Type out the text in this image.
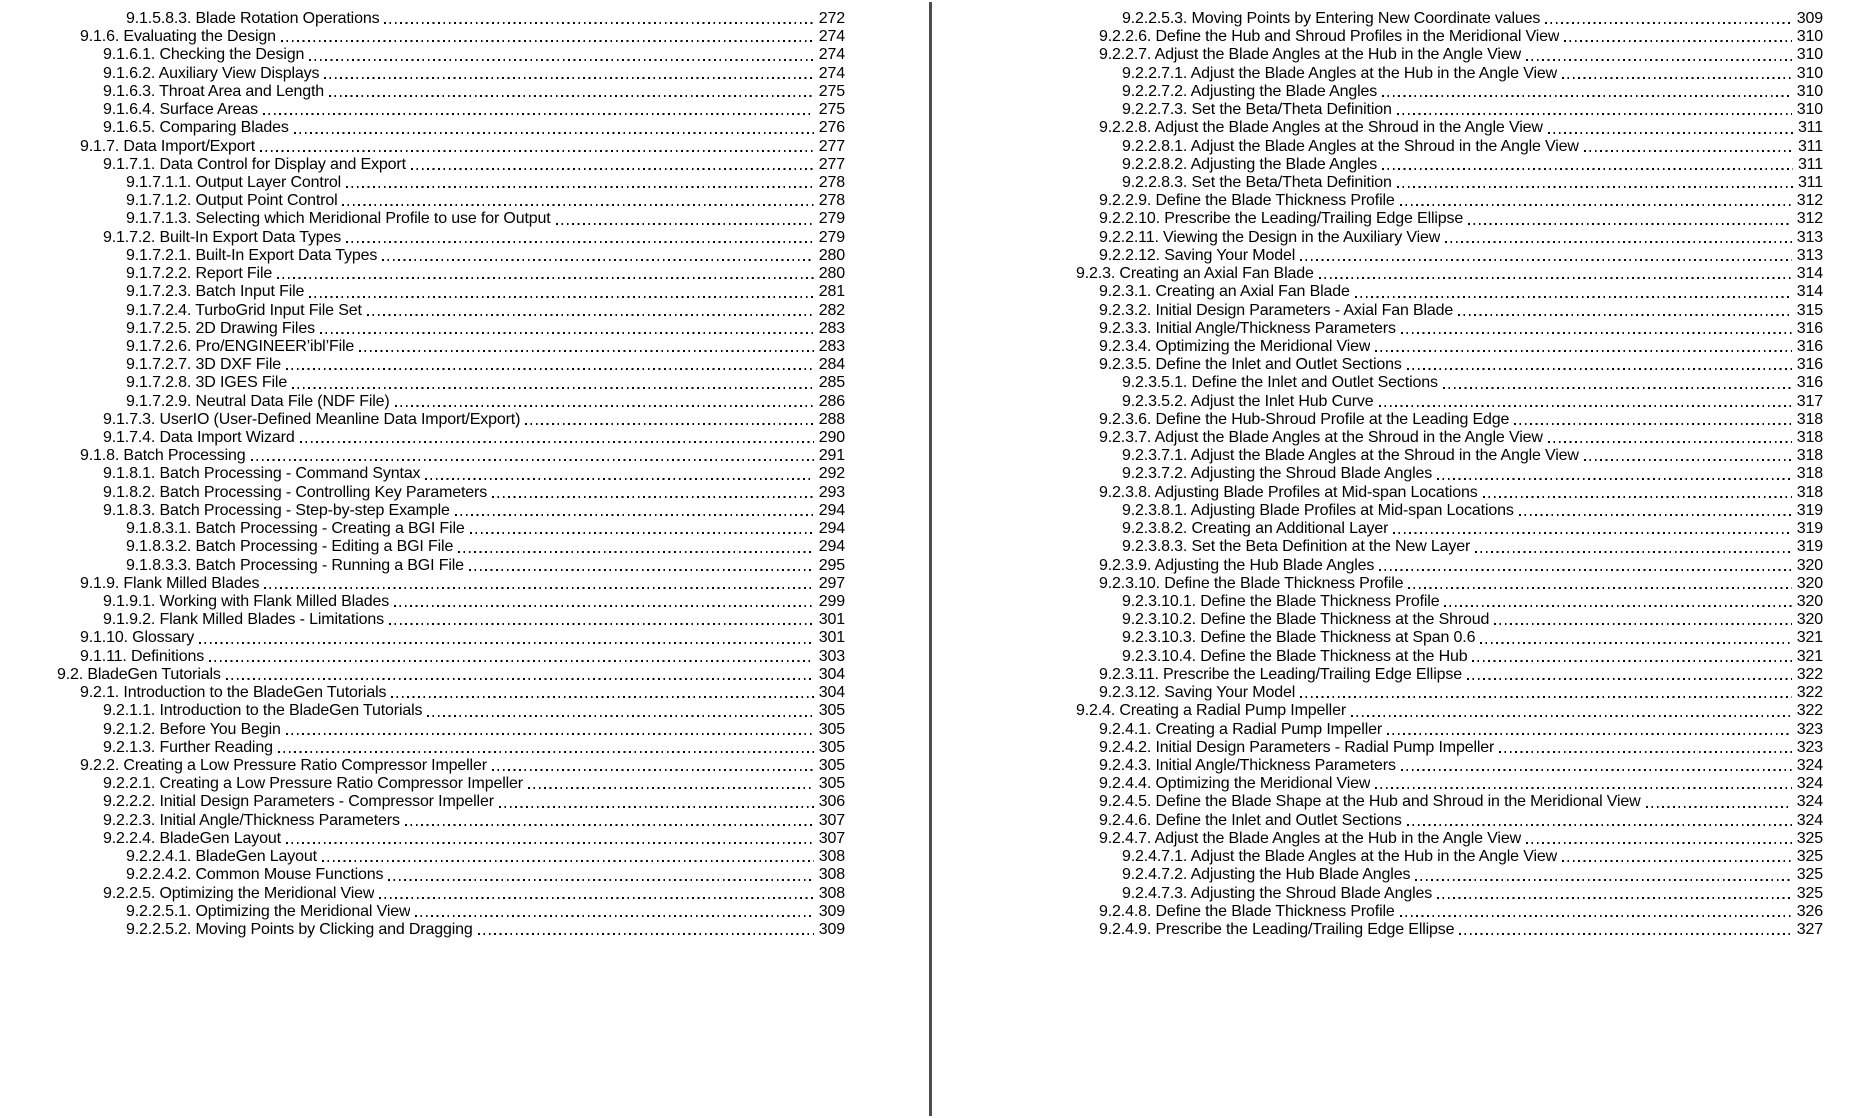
9.1.5.8.3. Blade Rotation Operations	272
9.1.6. Evaluating the Design	274
9.1.6.1. Checking the Design	274
9.1.6.2. Auxiliary View Displays	274
9.1.6.3. Throat Area and Length	275
9.1.6.4. Surface Areas	275
9.1.6.5. Comparing Blades	276
9.1.7. Data Import/Export	277
9.1.7.1. Data Control for Display and Export	277
9.1.7.1.1. Output Layer Control	278
9.1.7.1.2. Output Point Control	278
9.1.7.1.3. Selecting which Meridional Profile to use for Output	279
9.1.7.2. Built-In Export Data Types	279
9.1.7.2.1. Built-In Export Data Types	280
9.1.7.2.2. Report File	280
9.1.7.2.3. Batch Input File	281
9.1.7.2.4. TurboGrid Input File Set	282
9.1.7.2.5. 2D Drawing Files	283
9.1.7.2.6. Pro/ENGINEER’ibl’File	283
9.1.7.2.7. 3D DXF File	284
9.1.7.2.8. 3D IGES File	285
9.1.7.2.9. Neutral Data File (NDF File)	286
9.1.7.3. UserIO (User-Defined Meanline Data Import/Export)	288
9.1.7.4. Data Import Wizard	290
9.1.8. Batch Processing	291
9.1.8.1. Batch Processing - Command Syntax	292
9.1.8.2. Batch Processing - Controlling Key Parameters	293
9.1.8.3. Batch Processing - Step-by-step Example	294
9.1.8.3.1. Batch Processing - Creating a BGI File	294
9.1.8.3.2. Batch Processing - Editing a BGI File	294
9.1.8.3.3. Batch Processing - Running a BGI File	295
9.1.9. Flank Milled Blades	297
9.1.9.1. Working with Flank Milled Blades	299
9.1.9.2. Flank Milled Blades - Limitations	301
9.1.10. Glossary	301
9.1.11. Definitions	303
9.2. BladeGen Tutorials	304
9.2.1. Introduction to the BladeGen Tutorials	304
9.2.1.1. Introduction to the BladeGen Tutorials	305
9.2.1.2. Before You Begin	305
9.2.1.3. Further Reading	305
9.2.2. Creating a Low Pressure Ratio Compressor Impeller	305
9.2.2.1. Creating a Low Pressure Ratio Compressor Impeller	305
9.2.2.2. Initial Design Parameters - Compressor Impeller	306
9.2.2.3. Initial Angle/Thickness Parameters	307
9.2.2.4. BladeGen Layout	307
9.2.2.4.1. BladeGen Layout	308
9.2.2.4.2. Common Mouse Functions	308
9.2.2.5. Optimizing the Meridional View	308
9.2.2.5.1. Optimizing the Meridional View	309
9.2.2.5.2. Moving Points by Clicking and Dragging	309
9.2.2.5.3. Moving Points by Entering New Coordinate values	309
9.2.2.6. Define the Hub and Shroud Profiles in the Meridional View	310
9.2.2.7. Adjust the Blade Angles at the Hub in the Angle View	310
9.2.2.7.1. Adjust the Blade Angles at the Hub in the Angle View	310
9.2.2.7.2. Adjusting the Blade Angles	310
9.2.2.7.3. Set the Beta/Theta Definition	310
9.2.2.8. Adjust the Blade Angles at the Shroud in the Angle View	311
9.2.2.8.1. Adjust the Blade Angles at the Shroud in the Angle View	311
9.2.2.8.2. Adjusting the Blade Angles	311
9.2.2.8.3. Set the Beta/Theta Definition	311
9.2.2.9. Define the Blade Thickness Profile	312
9.2.2.10. Prescribe the Leading/Trailing Edge Ellipse	312
9.2.2.11. Viewing the Design in the Auxiliary View	313
9.2.2.12. Saving Your Model	313
9.2.3. Creating an Axial Fan Blade	314
9.2.3.1. Creating an Axial Fan Blade	314
9.2.3.2. Initial Design Parameters - Axial Fan Blade	315
9.2.3.3. Initial Angle/Thickness Parameters	316
9.2.3.4. Optimizing the Meridional View	316
9.2.3.5. Define the Inlet and Outlet Sections	316
9.2.3.5.1. Define the Inlet and Outlet Sections	316
9.2.3.5.2. Adjust the Inlet Hub Curve	317
9.2.3.6. Define the Hub-Shroud Profile at the Leading Edge	318
9.2.3.7. Adjust the Blade Angles at the Shroud in the Angle View	318
9.2.3.7.1. Adjust the Blade Angles at the Shroud in the Angle View	318
9.2.3.7.2. Adjusting the Shroud Blade Angles	318
9.2.3.8. Adjusting Blade Profiles at Mid-span Locations	318
9.2.3.8.1. Adjusting Blade Profiles at Mid-span Locations	319
9.2.3.8.2. Creating an Additional Layer	319
9.2.3.8.3. Set the Beta Definition at the New Layer	319
9.2.3.9. Adjusting the Hub Blade Angles	320
9.2.3.10. Define the Blade Thickness Profile	320
9.2.3.10.1. Define the Blade Thickness Profile	320
9.2.3.10.2. Define the Blade Thickness at the Shroud	320
9.2.3.10.3. Define the Blade Thickness at Span 0.6	321
9.2.3.10.4. Define the Blade Thickness at the Hub	321
9.2.3.11. Prescribe the Leading/Trailing Edge Ellipse	322
9.2.3.12. Saving Your Model	322
9.2.4. Creating a Radial Pump Impeller	322
9.2.4.1. Creating a Radial Pump Impeller	323
9.2.4.2. Initial Design Parameters - Radial Pump Impeller	323
9.2.4.3. Initial Angle/Thickness Parameters	324
9.2.4.4. Optimizing the Meridional View	324
9.2.4.5. Define the Blade Shape at the Hub and Shroud in the Meridional View	324
9.2.4.6. Define the Inlet and Outlet Sections	324
9.2.4.7. Adjust the Blade Angles at the Hub in the Angle View	325
9.2.4.7.1. Adjust the Blade Angles at the Hub in the Angle View	325
9.2.4.7.2. Adjusting the Hub Blade Angles	325
9.2.4.7.3. Adjusting the Shroud Blade Angles	325
9.2.4.8. Define the Blade Thickness Profile	326
9.2.4.9. Prescribe the Leading/Trailing Edge Ellipse	327
